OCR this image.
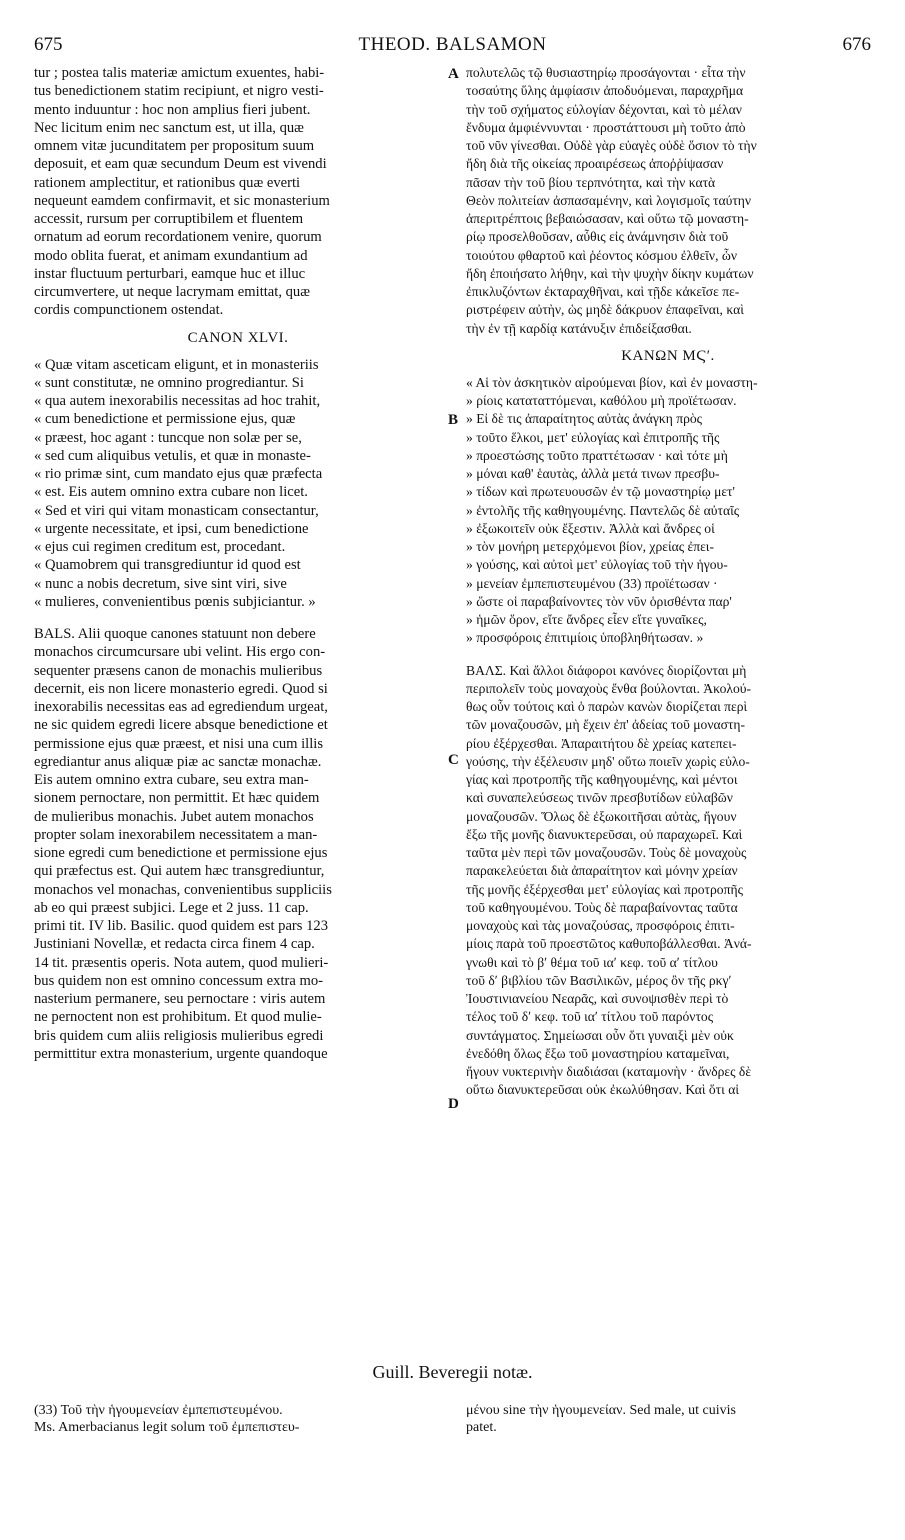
675	THEOD. BALSAMON	676
A
B
C
D
tur ; postea talis materiæ amictum exuentes, habi-
tus benedictionem statim recipiunt, et nigro vesti-
mento induuntur : hoc non amplius fieri jubent.
Nec licitum enim nec sanctum est, ut illa, quæ
omnem vitæ jucunditatem per propositum suum
deposuit, et eam quæ secundum Deum est vivendi
rationem amplectitur, et rationibus quæ everti
nequeunt eamdem confirmavit, et sic monasterium
accessit, rursum per corruptibilem et fluentem
ornatum ad eorum recordationem venire, quorum
modo oblita fuerat, et animam exundantium ad
instar fluctuum perturbari, eamque huc et illuc
circumvertere, ut neque lacrymam emittat, quæ
cordis compunctionem ostendat.
CANON XLVI.
« Quæ vitam asceticam eligunt, et in monasteriis
« sunt constitutæ, ne omnino progrediantur. Si
« qua autem inexorabilis necessitas ad hoc trahit,
« cum benedictione et permissione ejus, quæ
« præest, hoc agant : tuncque non solæ per se,
« sed cum aliquibus vetulis, et quæ in monaste-
« rio primæ sint, cum mandato ejus quæ præfecta
« est. Eis autem omnino extra cubare non licet.
« Sed et viri qui vitam monasticam consectantur,
« urgente necessitate, et ipsi, cum benedictione
« ejus cui regimen creditum est, procedant.
« Quamobrem qui transgrediuntur id quod est
« nunc a nobis decretum, sive sint viri, sive
« mulieres, convenientibus pœnis subjiciantur. »
BALS. Alii quoque canones statuunt non debere
monachos circumcursare ubi velint. His ergo con-
sequenter præsens canon de monachis mulieribus
decernit, eis non licere monasterio egredi. Quod si
inexorabilis necessitas eas ad egrediendum urgeat,
ne sic quidem egredi licere absque benedictione et
permissione ejus quæ præest, et nisi una cum illis
egrediantur anus aliquæ piæ ac sanctæ monachæ.
Eis autem omnino extra cubare, seu extra man-
sionem pernoctare, non permittit. Et hæc quidem
de mulieribus monachis. Jubet autem monachos
propter solam inexorabilem necessitatem a man-
sione egredi cum benedictione et permissione ejus
qui præfectus est. Qui autem hæc transgrediuntur,
monachos vel monachas, convenientibus suppliciis
ab eo qui præest subjici. Lege et 2 juss. 11 cap.
primi tit. IV lib. Basilic. quod quidem est pars 123
Justiniani Novellæ, et redacta circa finem 4 cap.
14 tit. præsentis operis. Nota autem, quod mulieri-
bus quidem non est omnino concessum extra mo-
nasterium permanere, seu pernoctare : viris autem
ne pernoctent non est prohibitum. Et quod mulie-
bris quidem cum aliis religiosis mulieribus egredi
permittitur extra monasterium, urgente quandoque
πολυτελῶς τῷ θυσιαστηρίῳ προσάγονται · εἶτα τὴν
τοσαύτης ὕλης ἀμφίασιν ἀποδυόμεναι, παραχρῆμα
τὴν τοῦ σχήματος εὐλογίαν δέχονται, καὶ τὸ μέλαν
ἔνδυμα ἀμφιέννυνται · προστάττουσι μὴ τοῦτο ἀπὸ
τοῦ νῦν γίνεσθαι. Οὐδὲ γὰρ εὐαγὲς οὐδὲ ὅσιον τὸ τὴν
ἤδη διὰ τῆς οἰκείας προαιρέσεως ἀποῤῥίψασαν
πᾶσαν τὴν τοῦ βίου τερπνότητα, καὶ τὴν κατὰ
Θεὸν πολιτείαν ἀσπασαμένην, καὶ λογισμοῖς ταύτην
ἀπεριτρέπτοις βεβαιώσασαν, καὶ οὕτω τῷ μοναστη-
ρίῳ προσελθοῦσαν, αὖθις εἰς ἀνάμνησιν διὰ τοῦ
τοιούτου φθαρτοῦ καὶ ῥέοντος κόσμου ἐλθεῖν, ὧν
ἤδη ἐποιήσατο λήθην, καὶ τὴν ψυχὴν δίκην κυμάτων
ἐπικλυζόντων ἐκταραχθῆναι, καὶ τῇδε κἀκεῖσε πε-
ριστρέφειν αὐτὴν, ὡς μηδὲ δάκρυον ἐπαφεῖναι, καὶ
τὴν ἐν τῇ καρδίᾳ κατάνυξιν ἐπιδείξασθαι.
ΚΑΝΩΝ ΜϚʹ.
« Αἱ τὸν ἀσκητικὸν αἱρούμεναι βίον, καὶ ἐν μοναστη-
» ρίοις κατατατтόμεναι, καθόλου μὴ προϊέτωσαν.
» Εἰ δὲ τις ἀπαραίτητος αὐτὰς ἀνάγκη πρὸς
» τοῦτο ἕλκοι, μετ' εὐλογίας καὶ ἐπιτροπῆς τῆς
» προεστώσης τοῦτο πραττέτωσαν · καὶ τότε μὴ
» μόναι καθ' ἑαυτὰς, ἀλλὰ μετά τινων πρεσβυ-
» τίδων καὶ πρωτευουσῶν ἐν τῷ μοναστηρίῳ μετ'
» ἐντολῆς τῆς καθηγουμένης. Παντελῶς δὲ αὐταῖς
» ἐξωκοιτεῖν οὐκ ἔξεστιν. Ἀλλὰ καὶ ἄνδρες οἱ
» τὸν μονήρη μετερχόμενοι βίον, χρείας ἐπει-
» γούσης, καὶ αὐτοὶ μετ' εὐλογίας τοῦ τὴν ἡγου-
» μενείαν ἐμπεπιστευμένου (33) προϊέτωσαν ·
» ὥστε οἱ παραβαίνοντες τὸν νῦν ὁρισθέντα παρ'
» ἡμῶν ὅρον, εἴτε ἄνδρες εἶεν εἴτε γυναῖκες,
» προσφόροις ἐπιτιμίοις ὑποβληθήτωσαν. »
ΒΑΛΣ. Καὶ ἄλλοι διάφοροι κανόνες διορίζονται μὴ
περιπολεῖν τοὺς μοναχοὺς ἔνθα βούλονται. Ἀκολού-
θως οὖν τούτοις καὶ ὁ παρὼν κανὼν διορίζεται περὶ
τῶν μοναζουσῶν, μὴ ἔχειν ἐπ' ἀδείας τοῦ μοναστη-
ρίου ἐξέρχεσθαι. Ἀπαραιτήτου δὲ χρείας κατεπει-
γούσης, τὴν ἐξέλευσιν μηδ' οὕτω ποιεῖν χωρὶς εὐλο-
γίας καὶ προτροπῆς τῆς καθηγουμένης, καὶ μέντοι
καὶ συναπελεύσεως τινῶν πρεσβυτίδων εὐλαβῶν
μοναζουσῶν. Ὅλως δὲ ἐξωκοιτῆσαι αὐτὰς, ἤγουν
ἔξω τῆς μονῆς διανυκτερεῦσαι, οὐ παραχωρεῖ. Καὶ
ταῦτα μὲν περὶ τῶν μοναζουσῶν. Τοὺς δὲ μοναχοὺς
παρακελεύεται διὰ ἀπαραίτητον καὶ μόνην χρείαν
τῆς μονῆς ἐξέρχεσθαι μετ' εὐλογίας καὶ προτροπῆς
τοῦ καθηγουμένου. Τοὺς δὲ παραβαίνοντας ταῦτα
μοναχοὺς καὶ τὰς μοναζούσας, προσφόροις ἐπιτι-
μίοις παρὰ τοῦ προεστῶτος καθυποβάλλεσθαι. Ἀνά-
γνωθι καὶ τὸ βʹ θέμα τοῦ ιαʹ κεφ. τοῦ αʹ τίτλου
τοῦ δʹ βιβλίου τῶν Βασιλικῶν, μέρος ὂν τῆς ρκγʹ
Ἰουστινιανείου Νεαρᾶς, καὶ συνοψισθὲν περὶ τὸ
τέλος τοῦ δʹ κεφ. τοῦ ιαʹ τίτλου τοῦ παρόντος
συντάγματος. Σημείωσαι οὖν ὅτι γυναιξὶ μὲν οὐκ
ἐνεδόθη ὅλως ἔξω τοῦ μοναστηρίου καταμεῖναι,
ἤγουν νυκτερινὴν διαδιάσαι (καταμονὴν · ἄνδρες δὲ
οὕτω διανυκτερεῦσαι οὐκ ἐκωλύθησαν. Καὶ ὅτι αἱ
Guill. Beveregii notæ.
(33) Τοῦ τὴν ἡγουμενείαν ἐμπεπιστευμένου.
Ms. Amerbacianus legit solum τοῦ ἐμπεπιστευ-
μένου sine τὴν ἡγουμενείαν. Sed male, ut cuivis
patet.
